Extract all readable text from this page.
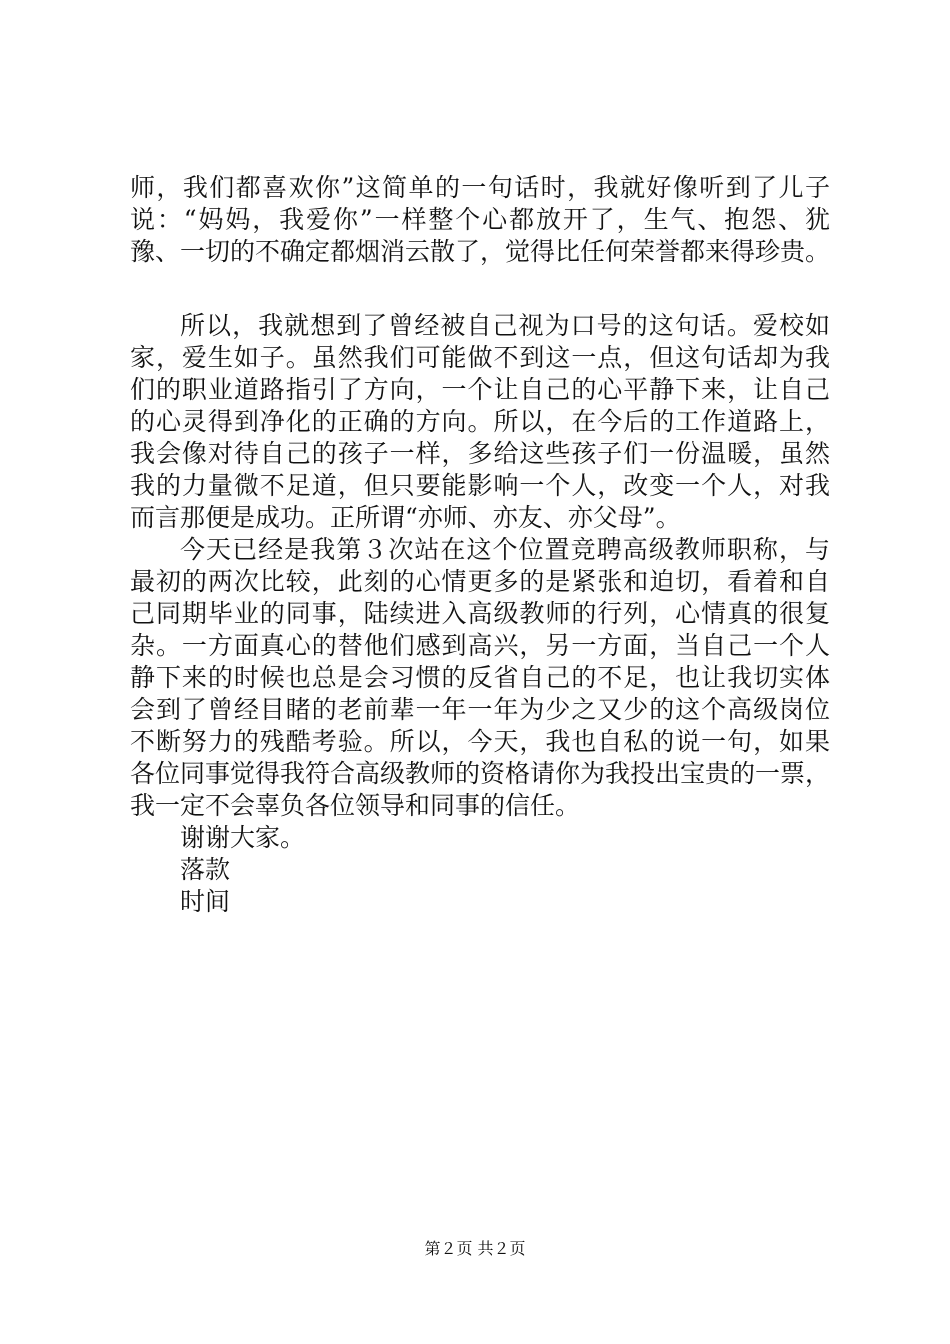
师，我们都喜欢你”这简单的一句话时，我就好像听到了儿子
说：“妈妈，我爱你”一样整个心都放开了，生气、抱怨、犹
豫、一切的不确定都烟消云散了，觉得比任何荣誉都来得珍贵。
所以，我就想到了曾经被自己视为口号的这句话。爱校如
家，爱生如子。虽然我们可能做不到这一点，但这句话却为我
们的职业道路指引了方向，一个让自己的心平静下来，让自己
的心灵得到净化的正确的方向。所以，在今后的工作道路上，
我会像对待自己的孩子一样，多给这些孩子们一份温暖，虽然
我的力量微不足道，但只要能影响一个人，改变一个人，对我
而言那便是成功。正所谓“亦师、亦友、亦父母”。
今天已经是我第３次站在这个位置竞聘高级教师职称，与
最初的两次比较，此刻的心情更多的是紧张和迫切，看着和自
己同期毕业的同事，陆续进入高级教师的行列，心情真的很复
杂。一方面真心的替他们感到高兴，另一方面，当自己一个人
静下来的时候也总是会习惯的反省自己的不足，也让我切实体
会到了曾经目睹的老前辈一年一年为少之又少的这个高级岗位
不断努力的残酷考验。所以，今天，我也自私的说一句，如果
各位同事觉得我符合高级教师的资格请你为我投出宝贵的一票，
我一定不会辜负各位领导和同事的信任。
谢谢大家。
落款
时间
第２页 共２页
